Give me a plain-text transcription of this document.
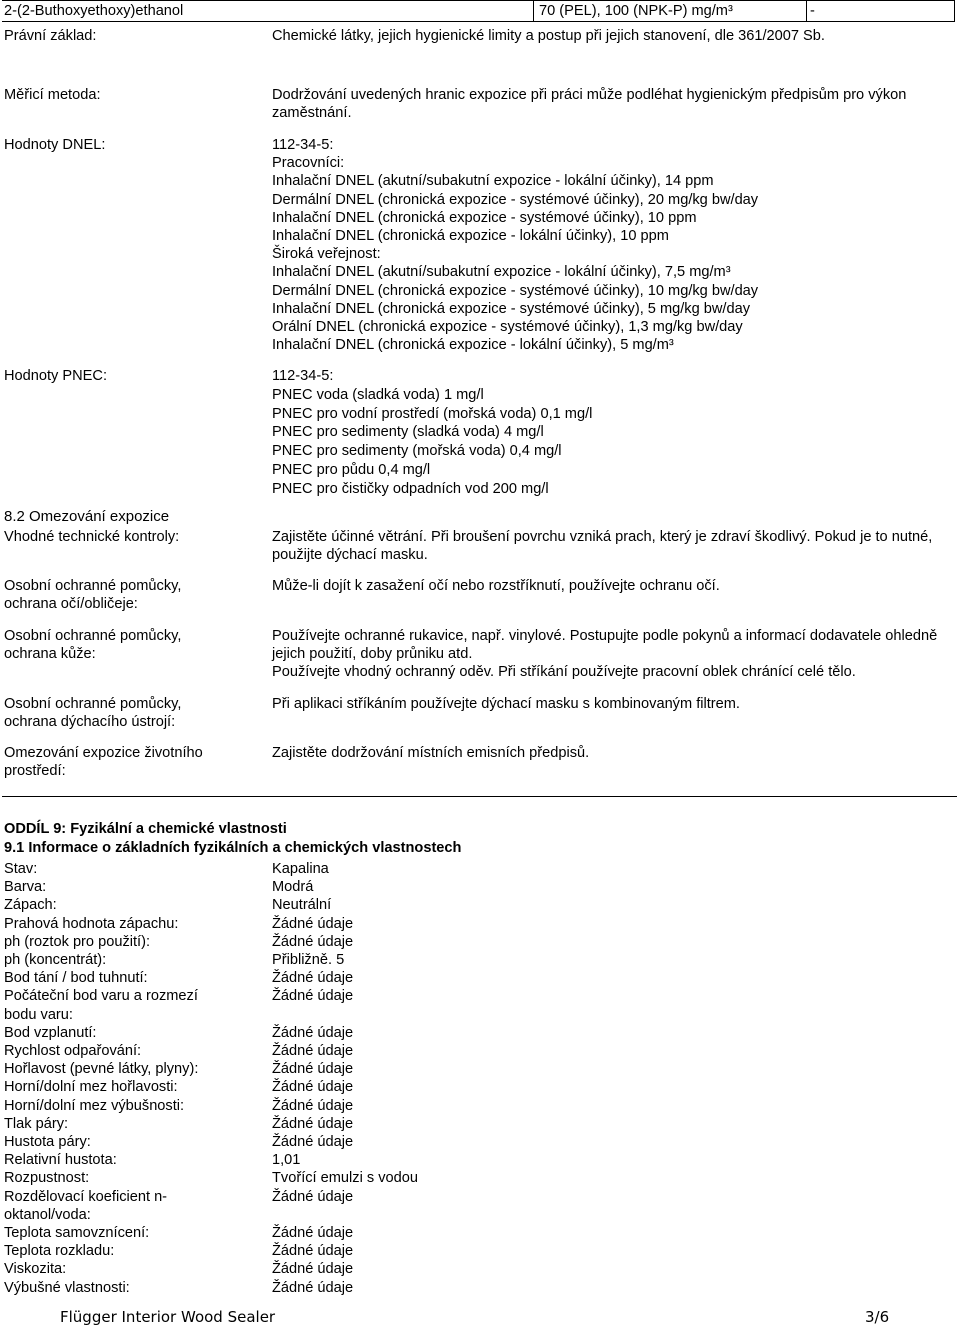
2-(2-Buthoxyethoxy)ethanol	70 (PEL), 100 (NPK-P) mg/m³	-
Právní základ:	Chemické látky, jejich hygienické limity a postup při jejich stanovení, dle 361/2007 Sb.
Měřicí metoda:	Dodržování uvedených hranic expozice při práci může podléhat hygienickým předpisům pro výkon zaměstnání.
Hodnoty DNEL:	112-34-5:
Pracovníci:
Inhalační DNEL (akutní/subakutní expozice - lokální účinky), 14 ppm
Dermální DNEL (chronická expozice - systémové účinky), 20 mg/kg bw/day
Inhalační DNEL (chronická expozice - systémové účinky), 10 ppm
Inhalační DNEL (chronická expozice - lokální účinky), 10 ppm
Široká veřejnost:
Inhalační DNEL (akutní/subakutní expozice - lokální účinky), 7,5 mg/m³
Dermální DNEL (chronická expozice - systémové účinky), 10 mg/kg bw/day
Inhalační DNEL (chronická expozice - systémové účinky), 5 mg/kg bw/day
Orální DNEL (chronická expozice - systémové účinky), 1,3 mg/kg bw/day
Inhalační DNEL (chronická expozice - lokální účinky), 5 mg/m³
Hodnoty PNEC:	112-34-5:
PNEC voda (sladká voda) 1 mg/l
PNEC pro vodní prostředí (mořská voda) 0,1 mg/l
PNEC pro sedimenty (sladká voda) 4 mg/l
PNEC pro sedimenty (mořská voda) 0,4 mg/l
PNEC pro půdu 0,4 mg/l
PNEC pro čističky odpadních vod 200 mg/l
8.2 Omezování expozice
Vhodné technické kontroly:	Zajistěte účinné větrání. Při broušení povrchu vzniká prach, který je zdraví škodlivý. Pokud je to nutné, použijte dýchací masku.
Osobní ochranné pomůcky,
ochrana očí/obličeje:
Může-li dojít k zasažení očí nebo rozstříknutí, používejte ochranu očí.
Osobní ochranné pomůcky,
ochrana kůže:
Používejte ochranné rukavice, např. vinylové. Postupujte podle pokynů a informací dodavatele ohledně jejich použití, doby průniku atd.
Používejte vhodný ochranný oděv. Při stříkání používejte pracovní oblek chránící celé tělo.
Osobní ochranné pomůcky,
ochrana dýchacího ústrojí:
Při aplikaci stříkáním používejte dýchací masku s kombinovaným filtrem.
Omezování expozice životního
prostředí:
Zajistěte dodržování místních emisních předpisů.
ODDÍL 9: Fyzikální a chemické vlastnosti
9.1 Informace o základních fyzikálních a chemických vlastnostech
Stav:	Kapalina
Barva:	Modrá
Zápach:	Neutrální
Prahová hodnota zápachu:	Žádné údaje
ph (roztok pro použití):	Žádné údaje
ph (koncentrát):	Přibližně. 5
Bod tání / bod tuhnutí:	Žádné údaje
Počáteční bod varu a rozmezí bodu varu:
Žádné údaje
Bod vzplanutí:	Žádné údaje
Rychlost odpařování:	Žádné údaje
Hořlavost (pevné látky, plyny):	Žádné údaje
Horní/dolní mez hořlavosti:	Žádné údaje
Horní/dolní mez výbušnosti:	Žádné údaje
Tlak páry:	Žádné údaje
Hustota páry:	Žádné údaje
Relativní hustota:	1,01
Rozpustnost:	Tvořící emulzi s vodou
Rozdělovací koeficient n-oktanol/voda:
Žádné údaje
Teplota samovznícení:	Žádné údaje
Teplota rozkladu:	Žádné údaje
Viskozita:	Žádné údaje
Výbušné vlastnosti:	Žádné údaje
Flügger Interior Wood Sealer	3/6
